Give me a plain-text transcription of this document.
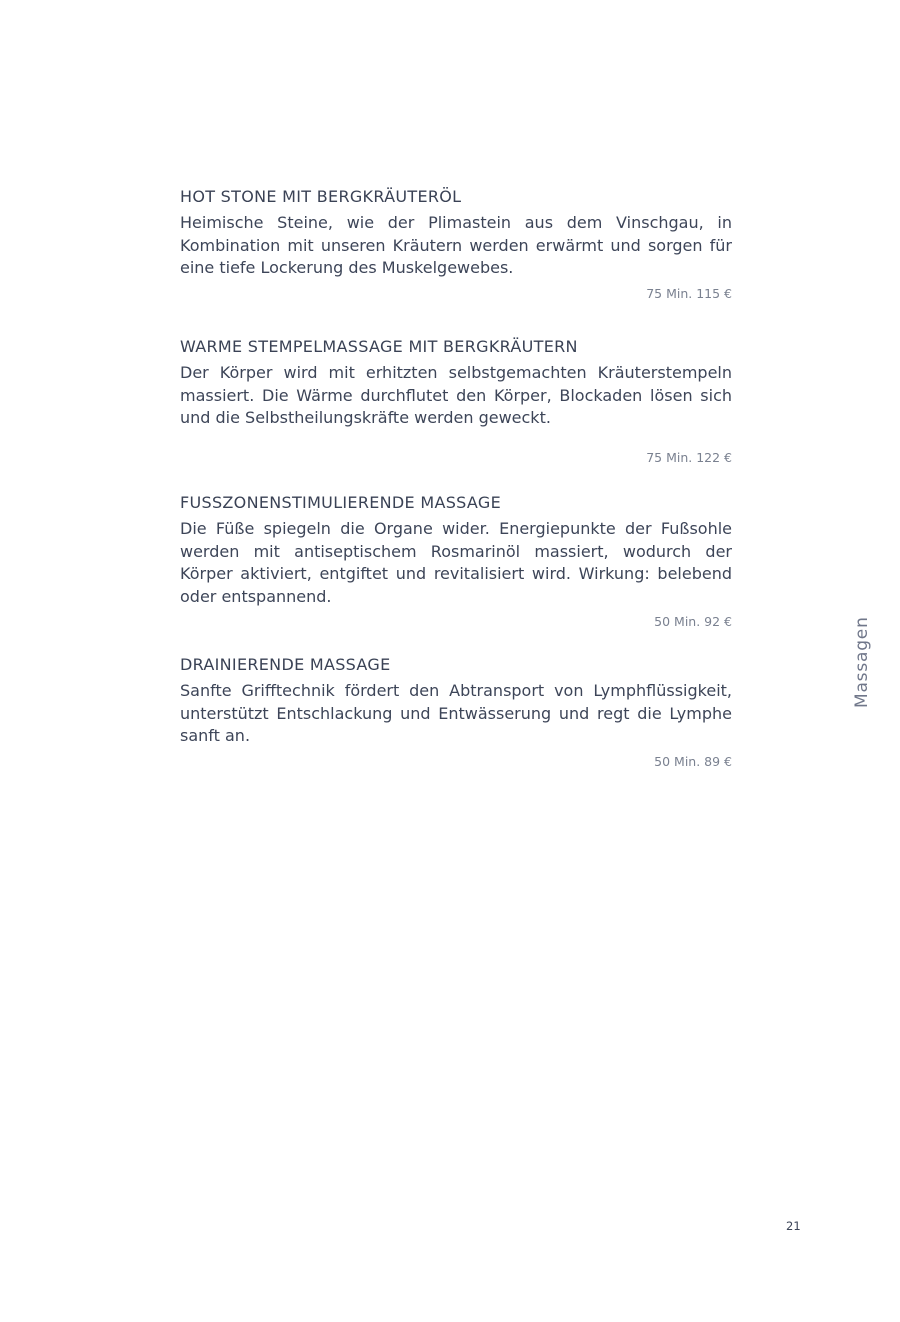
HOT STONE MIT BERGKRÄUTERÖL

Heimische Steine, wie der Plimastein aus dem Vinschgau, in Kombination mit unseren Kräutern werden erwärmt und sorgen für eine tiefe Lockerung des Muskelgewebes.

75 Min. 115 €
WARME STEMPELMASSAGE MIT BERGKRÄUTERN

Der Körper wird mit erhitzten selbstgemachten Kräuterstempeln massiert. Die Wärme durchflutet den Körper, Blockaden lösen sich und die Selbstheilungskräfte werden geweckt.

75 Min. 122 €
FUSSZONENSTIMULIERENDE MASSAGE

Die Füße spiegeln die Organe wider. Energiepunkte der Fußsohle werden mit antiseptischem Rosmarinöl massiert, wodurch der Körper aktiviert, entgiftet und revitalisiert wird. Wirkung: belebend oder entspannend.

50 Min. 92 €
DRAINIERENDE MASSAGE

Sanfte Grifftechnik fördert den Abtransport von Lymphflüssigkeit, unterstützt Entschlackung und Entwässerung und regt die Lymphe sanft an.

50 Min. 89 €
Massagen
21
